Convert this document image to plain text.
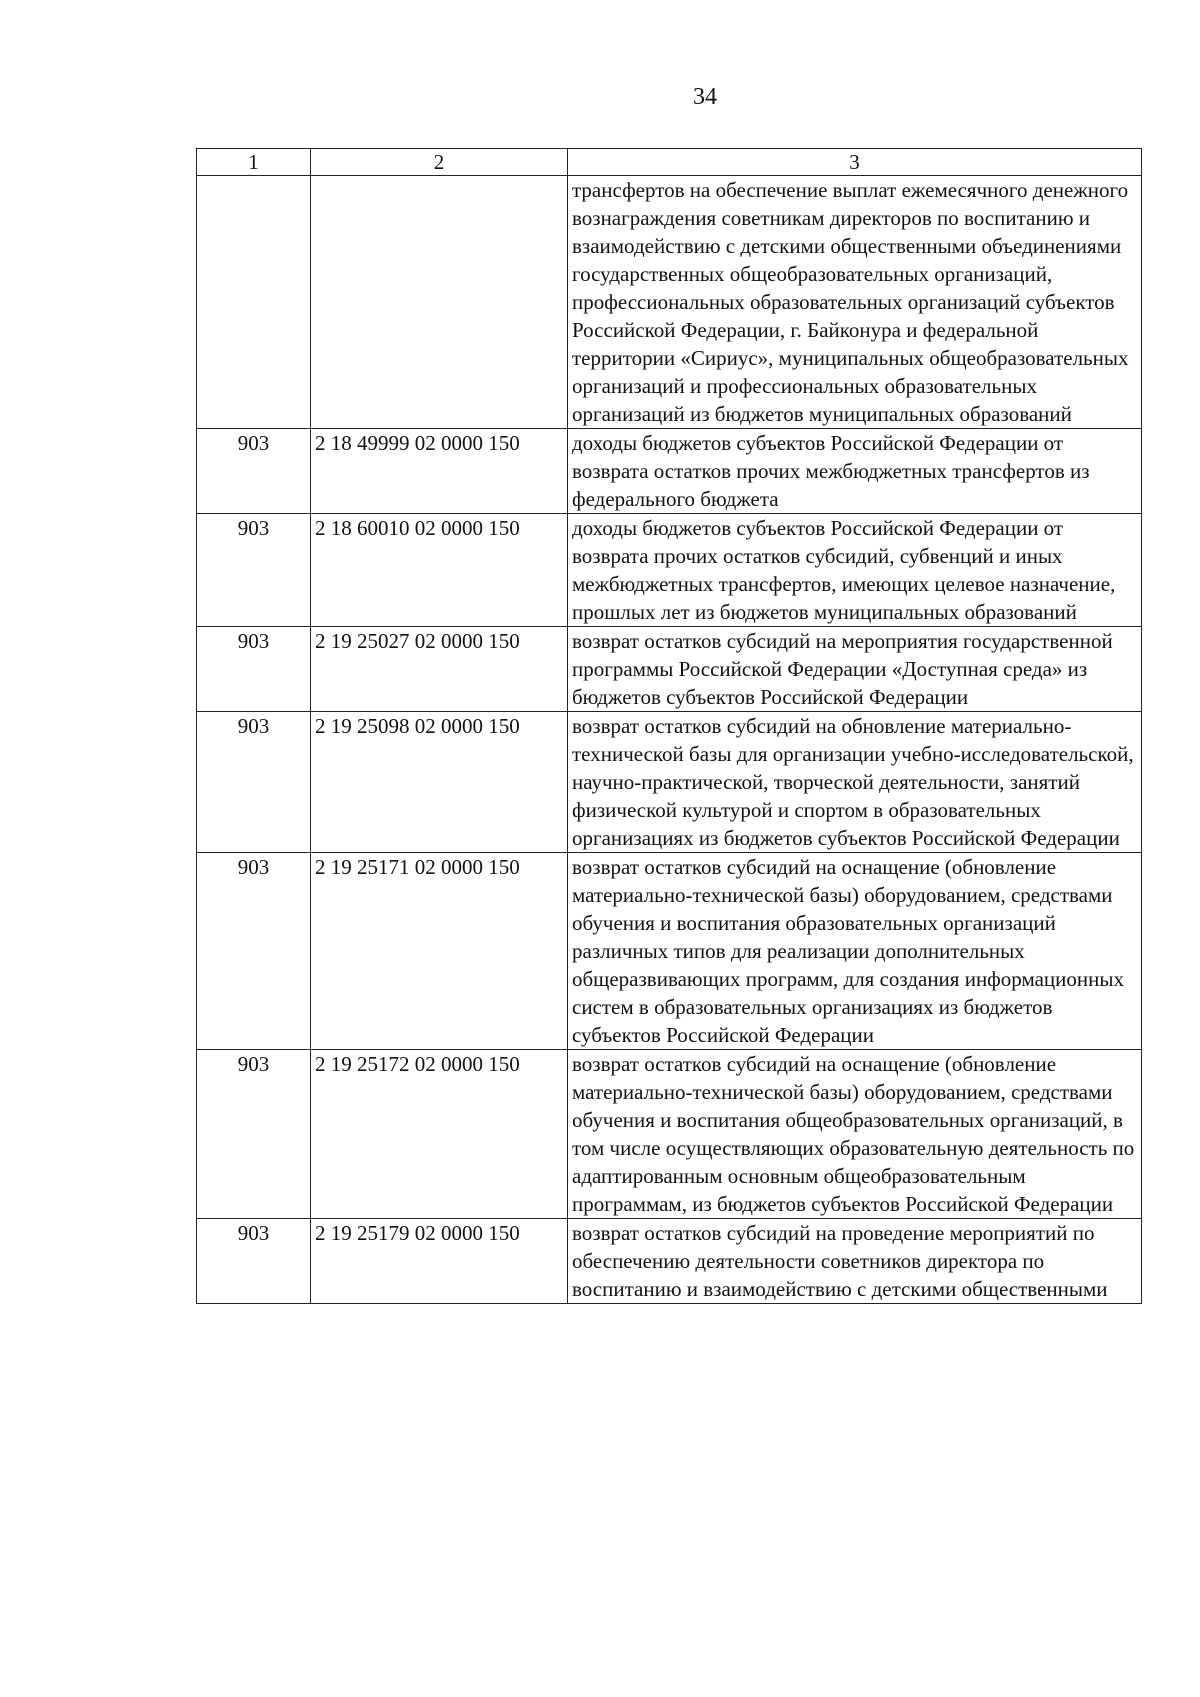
34
1	2	3
		трансфертов на обеспечение выплат ежемесячного денежного вознаграждения советникам директоров по воспитанию и взаимодействию с детскими общественными объединениями государственных общеобразовательных организаций, профессиональных образовательных организаций субъектов Российской Федерации, г. Байконура и федеральной территории «Сириус», муниципальных общеобразовательных организаций и профессиональных образовательных организаций из бюджетов муниципальных образований
903	2 18 49999 02 0000 150	доходы бюджетов субъектов Российской Федерации от возврата остатков прочих межбюджетных трансфертов из федерального бюджета
903	2 18 60010 02 0000 150	доходы бюджетов субъектов Российской Федерации от возврата прочих остатков субсидий, субвенций и иных межбюджетных трансфертов, имеющих целевое назначение, прошлых лет из бюджетов муниципальных образований
903	2 19 25027 02 0000 150	возврат остатков субсидий на мероприятия государственной программы Российской Федерации «Доступная среда» из бюджетов субъектов Российской Федерации
903	2 19 25098 02 0000 150	возврат остатков субсидий на обновление материально-технической базы для организации учебно-исследовательской, научно-практической, творческой деятельности, занятий физической культурой и спортом в образовательных организациях из бюджетов субъектов Российской Федерации
903	2 19 25171 02 0000 150	возврат остатков субсидий на оснащение (обновление материально-технической базы) оборудованием, средствами обучения и воспитания образовательных организаций различных типов для реализации дополнительных общеразвивающих программ, для создания информационных систем в образовательных организациях из бюджетов субъектов Российской Федерации
903	2 19 25172 02 0000 150	возврат остатков субсидий на оснащение (обновление материально-технической базы) оборудованием, средствами обучения и воспитания общеобразовательных организаций, в том числе осуществляющих образовательную деятельность по адаптированным основным общеобразовательным программам, из бюджетов субъектов Российской Федерации
903	2 19 25179 02 0000 150	возврат остатков субсидий на проведение мероприятий по обеспечению деятельности советников директора по воспитанию и взаимодействию с детскими общественными
